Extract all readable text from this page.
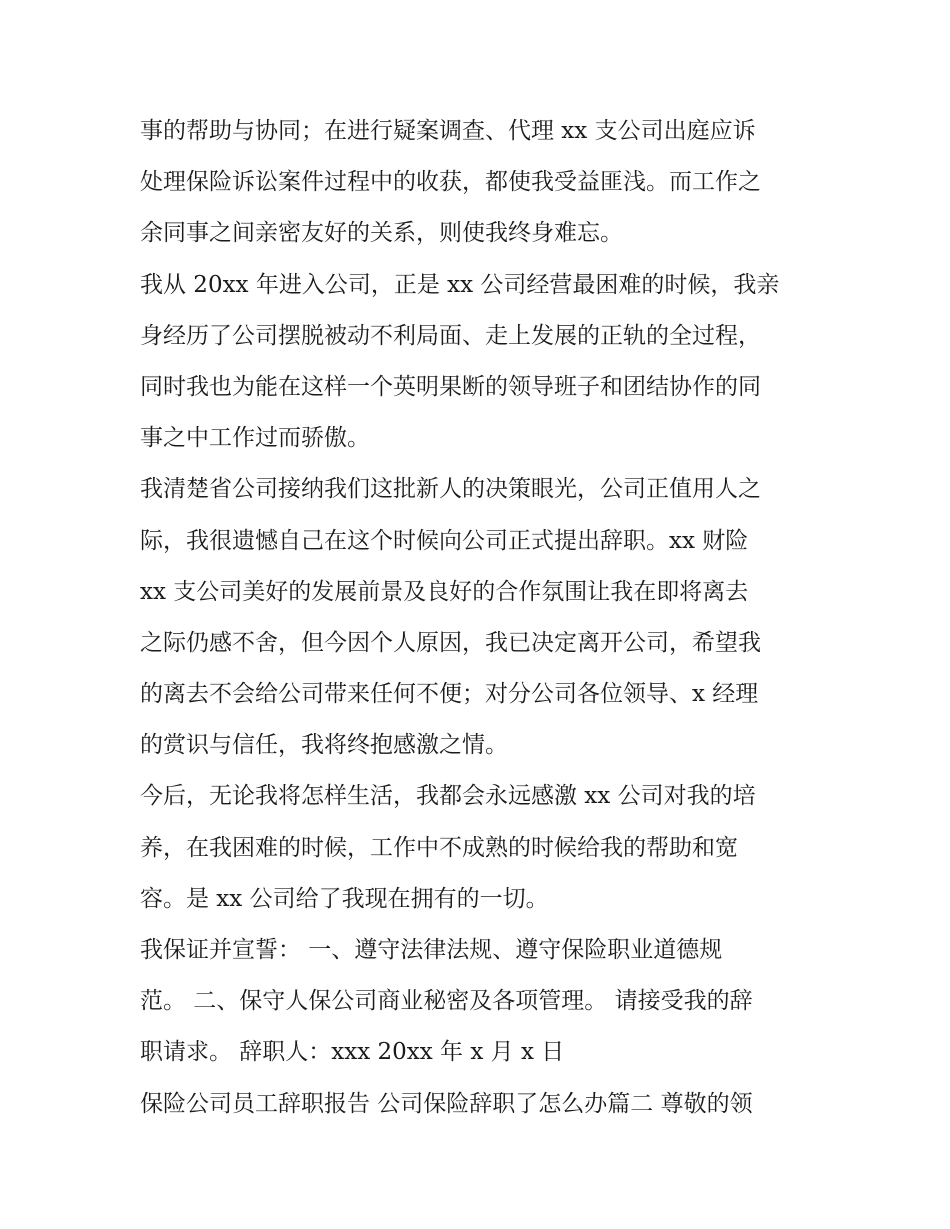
事的帮助与协同；在进行疑案调查、代理 xx 支公司出庭应诉
处理保险诉讼案件过程中的收获，都使我受益匪浅。而工作之
余同事之间亲密友好的关系，则使我终身难忘。
我从 20xx 年进入公司，正是 xx 公司经营最困难的时候，我亲
身经历了公司摆脱被动不利局面、走上发展的正轨的全过程，
同时我也为能在这样一个英明果断的领导班子和团结协作的同
事之中工作过而骄傲。
我清楚省公司接纳我们这批新人的决策眼光，公司正值用人之
际，我很遗憾自己在这个时候向公司正式提出辞职。xx 财险
xx 支公司美好的发展前景及良好的合作氛围让我在即将离去
之际仍感不舍，但今因个人原因，我已决定离开公司，希望我
的离去不会给公司带来任何不便；对分公司各位领导、x 经理
的赏识与信任，我将终抱感激之情。
今后，无论我将怎样生活，我都会永远感激 xx 公司对我的培
养，在我困难的时候，工作中不成熟的时候给我的帮助和宽
容。是 xx 公司给了我现在拥有的一切。
我保证并宣誓： 一、遵守法律法规、遵守保险职业道德规
范。 二、保守人保公司商业秘密及各项管理。 请接受我的辞
职请求。 辞职人：xxx 20xx 年 x 月 x 日
保险公司员工辞职报告 公司保险辞职了怎么办篇二 尊敬的领
